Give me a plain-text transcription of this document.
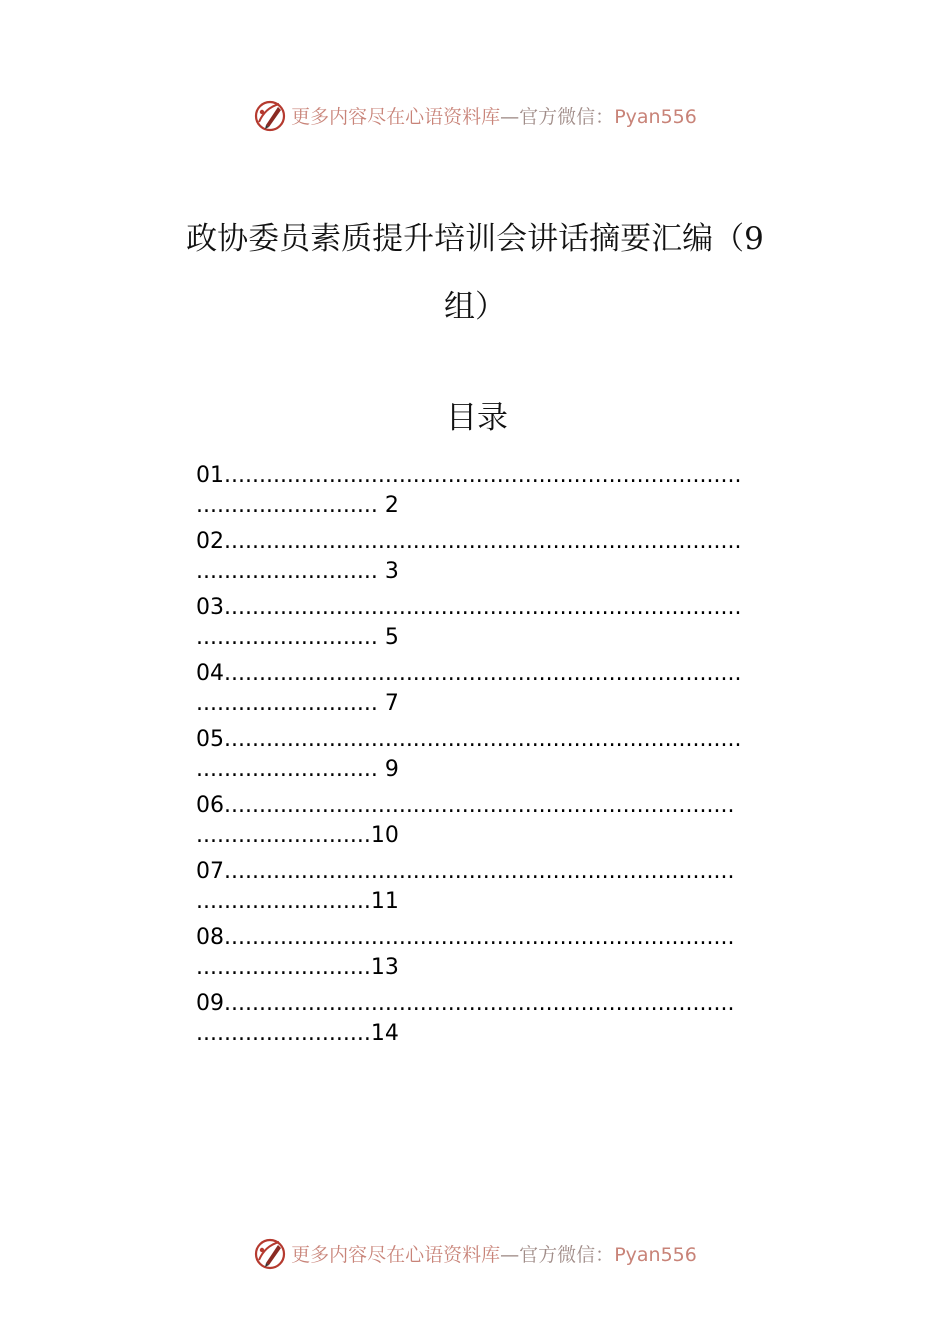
更多内容尽在心语资料库—官方微信：Pyan556
政协委员素质提升培训会讲话摘要汇编（9
组）
目录
01..........................................................................
.......................... 2
02..........................................................................
.......................... 3
03..........................................................................
.......................... 5
04..........................................................................
.......................... 7
05..........................................................................
.......................... 9
06.........................................................................
.........................10
07.........................................................................
.........................11
08.........................................................................
.........................13
09.........................................................................
.........................14
更多内容尽在心语资料库—官方微信：Pyan556
